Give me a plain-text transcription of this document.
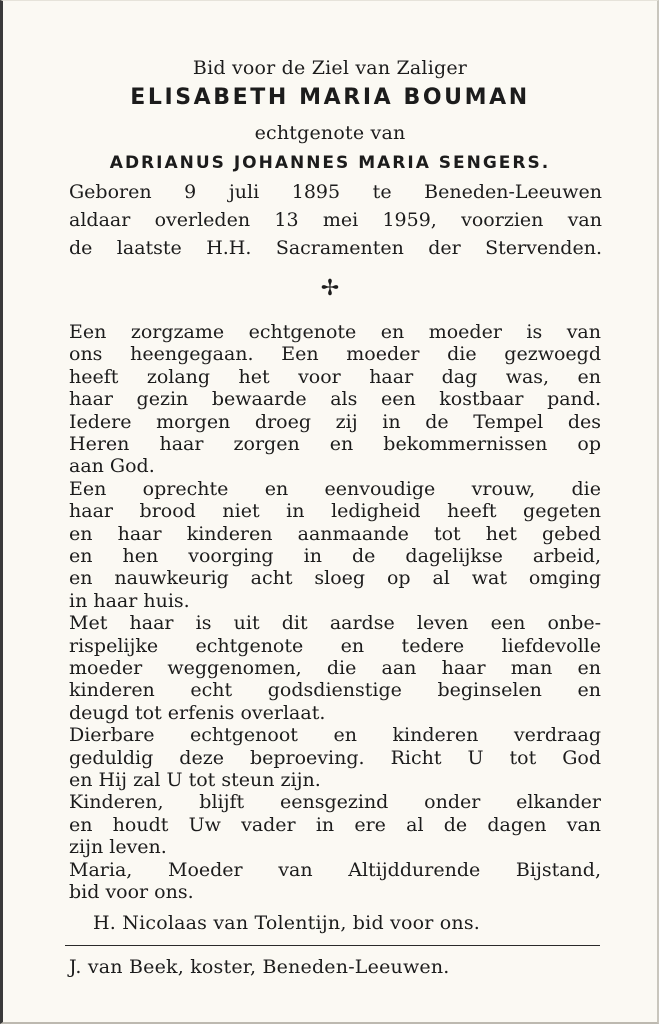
Bid voor de Ziel van Zaliger
ELISABETH MARIA BOUMAN
echtgenote van
ADRIANUS JOHANNES MARIA SENGERS.
Geboren 9 juli 1895 te Beneden-Leeuwen
aldaar overleden 13 mei 1959, voorzien van
de laatste H.H. Sacramenten der Stervenden.
✢
Een zorgzame echtgenote en moeder is van
ons heengegaan. Een moeder die gezwoegd
heeft zolang het voor haar dag was, en
haar gezin bewaarde als een kostbaar pand.
Iedere morgen droeg zij in de Tempel des
Heren haar zorgen en bekommernissen op
aan God.
Een oprechte en eenvoudige vrouw, die
haar brood niet in ledigheid heeft gegeten
en haar kinderen aanmaande tot het gebed
en hen voorging in de dagelijkse arbeid,
en nauwkeurig acht sloeg op al wat omging
in haar huis.
Met haar is uit dit aardse leven een onbe-
rispelijke echtgenote en tedere liefdevolle
moeder weggenomen, die aan haar man en
kinderen echt godsdienstige beginselen en
deugd tot erfenis overlaat.
Dierbare echtgenoot en kinderen verdraag
geduldig deze beproeving. Richt U tot God
en Hij zal U tot steun zijn.
Kinderen, blijft eensgezind onder elkander
en houdt Uw vader in ere al de dagen van
zijn leven.
Maria, Moeder van Altijddurende Bijstand,
bid voor ons.
H. Nicolaas van Tolentijn, bid voor ons.
J. van Beek, koster, Beneden-Leeuwen.
